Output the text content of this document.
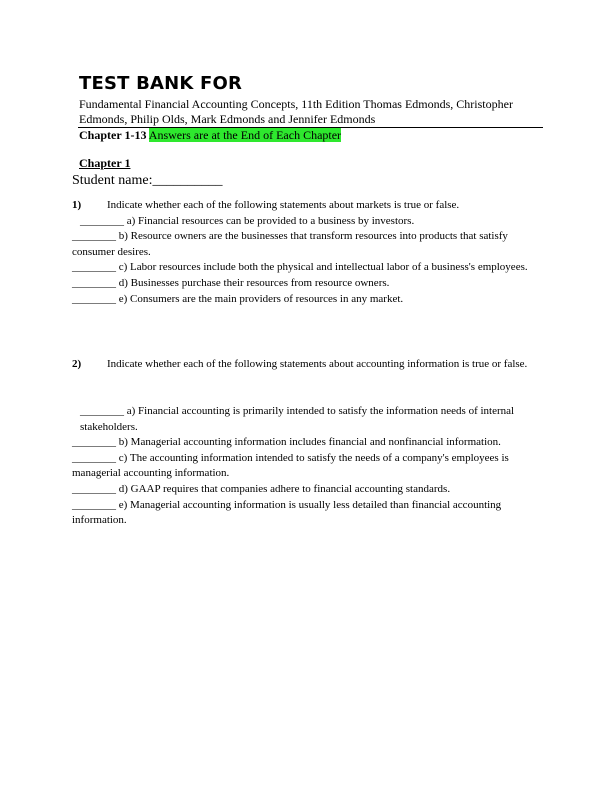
TEST BANK FOR
Fundamental Financial Accounting Concepts, 11th Edition Thomas Edmonds, Christopher Edmonds, Philip Olds, Mark Edmonds and Jennifer Edmonds
Chapter 1-13 Answers are at the End of Each Chapter
Chapter 1
Student name:__________
1) Indicate whether each of the following statements about markets is true or false.
________ a) Financial resources can be provided to a business by investors.
________ b) Resource owners are the businesses that transform resources into products that satisfy consumer desires.
________ c) Labor resources include both the physical and intellectual labor of a business's employees.
________ d) Businesses purchase their resources from resource owners.
________ e) Consumers are the main providers of resources in any market.
2) Indicate whether each of the following statements about accounting information is true or false.
________ a) Financial accounting is primarily intended to satisfy the information needs of internal stakeholders.
________ b) Managerial accounting information includes financial and nonfinancial information.
________ c) The accounting information intended to satisfy the needs of a company's employees is managerial accounting information.
________ d) GAAP requires that companies adhere to financial accounting standards.
________ e) Managerial accounting information is usually less detailed than financial accounting information.
